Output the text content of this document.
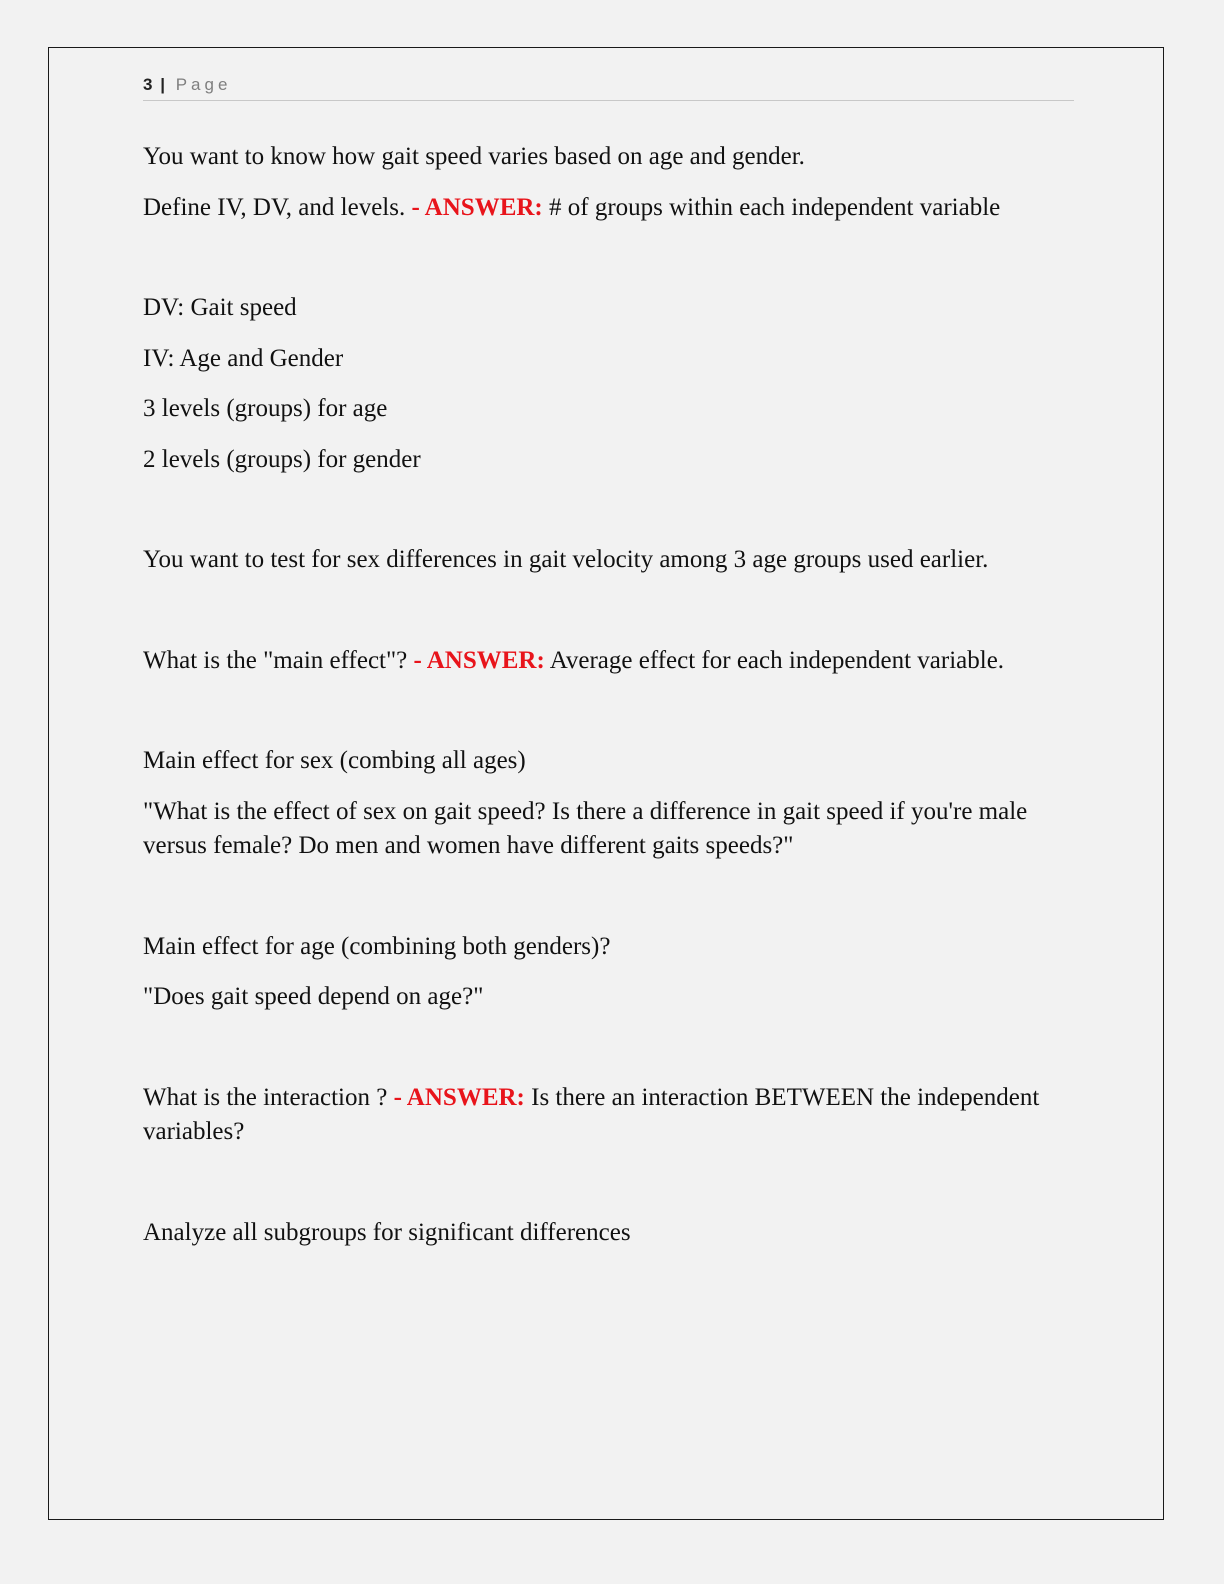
3 | Page

You want to know how gait speed varies based on age and gender.

Define IV, DV, and levels. - ANSWER: # of groups within each independent variable

DV: Gait speed

IV: Age and Gender

3 levels (groups) for age

2 levels (groups) for gender

You want to test for sex differences in gait velocity among 3 age groups used earlier.

What is the "main effect"? - ANSWER: Average effect for each independent variable.

Main effect for sex (combing all ages)

"What is the effect of sex on gait speed? Is there a difference in gait speed if you're male versus female? Do men and women have different gaits speeds?"

Main effect for age (combining both genders)?

"Does gait speed depend on age?"

What is the interaction ? - ANSWER: Is there an interaction BETWEEN the independent variables?

Analyze all subgroups for significant differences
